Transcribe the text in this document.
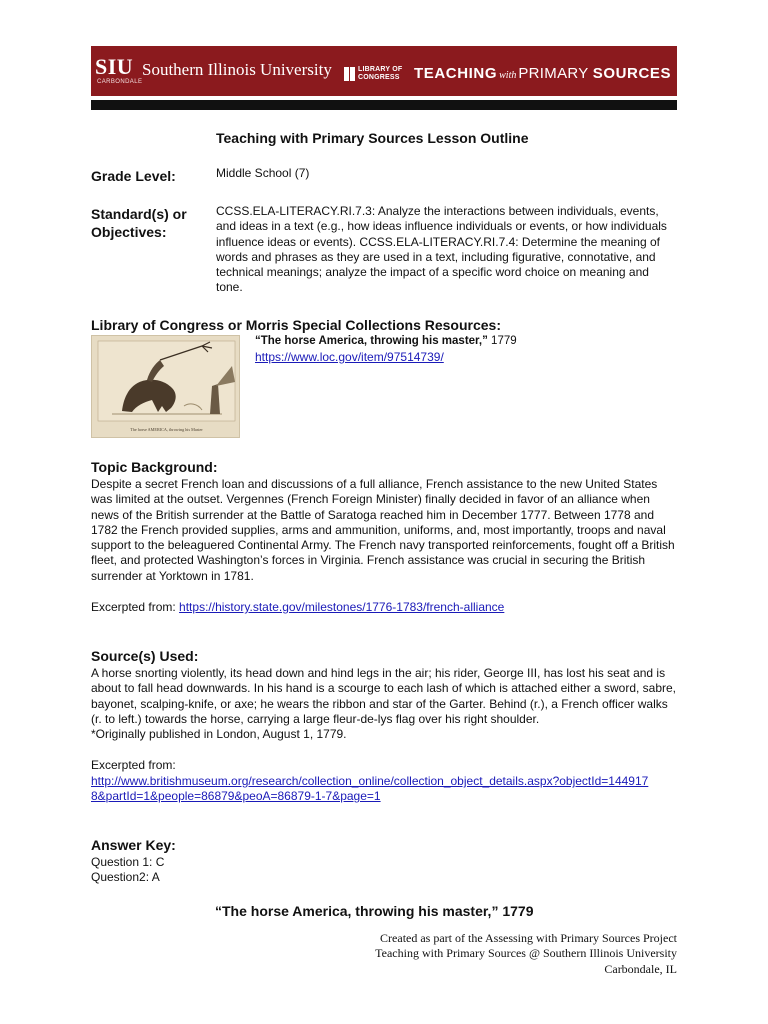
SIU
CARBONDALE
Southern Illinois University	LIBRARY OF
CONGRESS TEACHING with PRIMARY SOURCES
Teaching with Primary Sources Lesson Outline
Grade Level:	Middle School (7)
Standard(s) or
Objectives:
CCSS.ELA-LITERACY.RI.7.3: Analyze the interactions between individuals, events, and ideas in a text (e.g., how ideas influence individuals or events, or how individuals influence ideas or events). CCSS.ELA-LITERACY.RI.7.4: Determine the meaning of words and phrases as they are used in a text, including figurative, connotative, and technical meanings; analyze the impact of a specific word choice on meaning and tone.
Library of Congress or Morris Special Collections Resources:
The horse AMERICA, throwing his Master
“The horse America, throwing his master,” 1779
https://www.loc.gov/item/97514739/
Topic Background:
Despite a secret French loan and discussions of a full alliance, French assistance to the new United States was limited at the outset. Vergennes (French Foreign Minister) finally decided in favor of an alliance when news of the British surrender at the Battle of Saratoga reached him in December 1777. Between 1778 and 1782 the French provided supplies, arms and ammunition, uniforms, and, most importantly, troops and naval support to the beleaguered Continental Army. The French navy transported reinforcements, fought off a British fleet, and protected Washington’s forces in Virginia. French assistance was crucial in securing the British surrender at Yorktown in 1781.
Excerpted from: https://history.state.gov/milestones/1776-1783/french-alliance
Source(s) Used:
A horse snorting violently, its head down and hind legs in the air; his rider, George III, has lost his seat and is about to fall head downwards. In his hand is a scourge to each lash of which is attached either a sword, sabre, bayonet, scalping-knife, or axe; he wears the ribbon and star of the Garter. Behind (r.), a French officer walks (r. to left.) towards the horse, carrying a large fleur-de-lys flag over his right shoulder.
*Originally published in London, August 1, 1779.
Excerpted from:
http://www.britishmuseum.org/research/collection_online/collection_object_details.aspx?objectId=144917
8&partId=1&people=86879&peoA=86879-1-7&page=1
Answer Key:
Question 1: C
Question2: A
“The horse America, throwing his master,” 1779
Created as part of the Assessing with Primary Sources Project
Teaching with Primary Sources @ Southern Illinois University
Carbondale, IL
